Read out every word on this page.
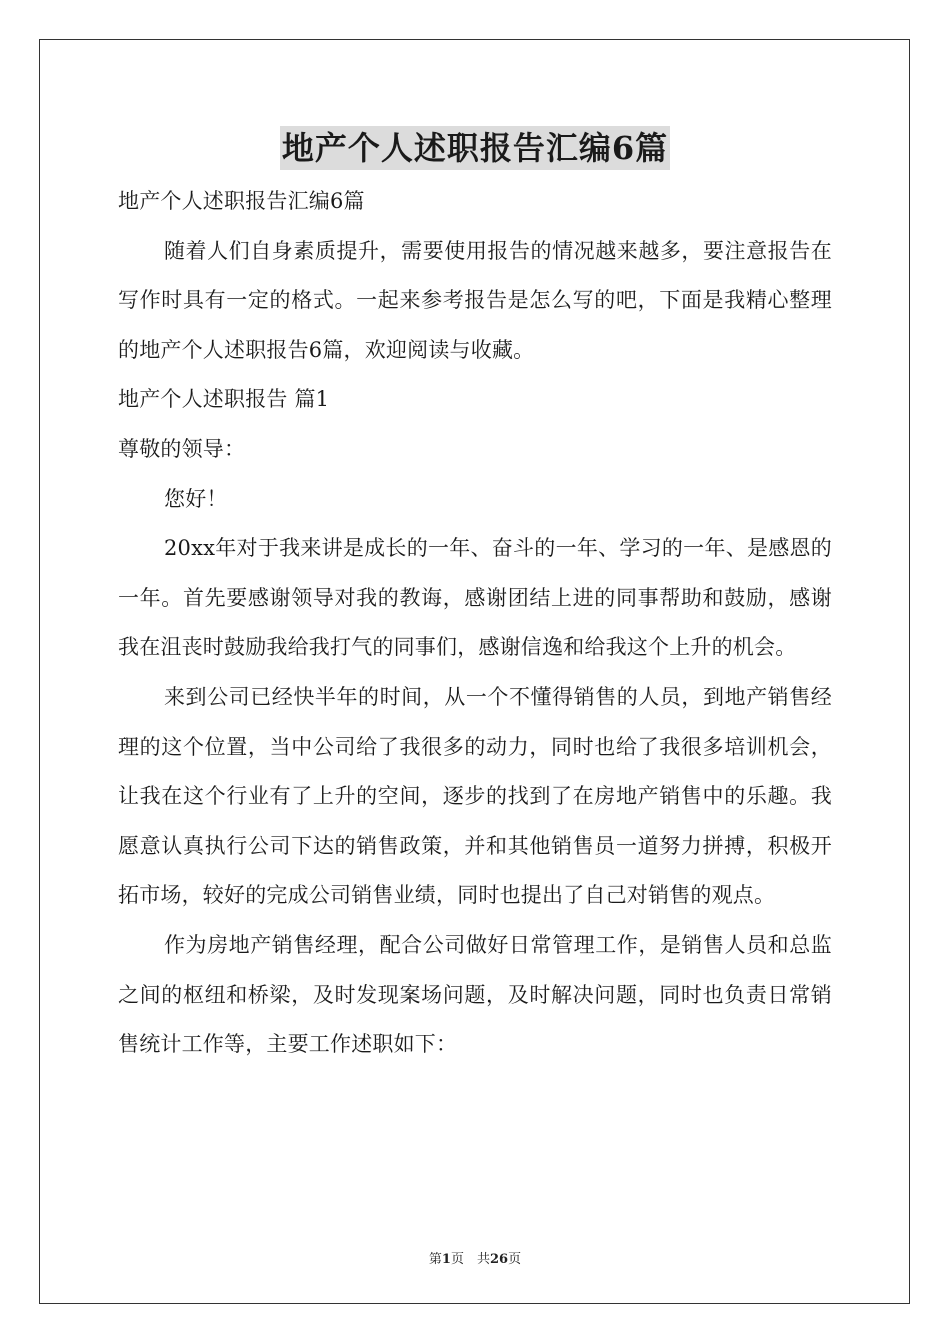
地产个人述职报告汇编6篇

地产个人述职报告汇编6篇

随着人们自身素质提升，需要使用报告的情况越来越多，要注意报告在写作时具有一定的格式。一起来参考报告是怎么写的吧，下面是我精心整理的地产个人述职报告6篇，欢迎阅读与收藏。

地产个人述职报告 篇1

尊敬的领导：

您好！

20xx年对于我来讲是成长的一年、奋斗的一年、学习的一年、是感恩的一年。首先要感谢领导对我的教诲，感谢团结上进的同事帮助和鼓励，感谢我在沮丧时鼓励我给我打气的同事们，感谢信逸和给我这个上升的机会。

来到公司已经快半年的时间，从一个不懂得销售的人员，到地产销售经理的这个位置，当中公司给了我很多的动力，同时也给了我很多培训机会，让我在这个行业有了上升的空间，逐步的找到了在房地产销售中的乐趣。我愿意认真执行公司下达的销售政策，并和其他销售员一道努力拼搏，积极开拓市场，较好的完成公司销售业绩，同时也提出了自己对销售的观点。

作为房地产销售经理，配合公司做好日常管理工作，是销售人员和总监之间的枢纽和桥梁，及时发现案场问题，及时解决问题，同时也负责日常销售统计工作等，主要工作述职如下：

第1页　共26页
